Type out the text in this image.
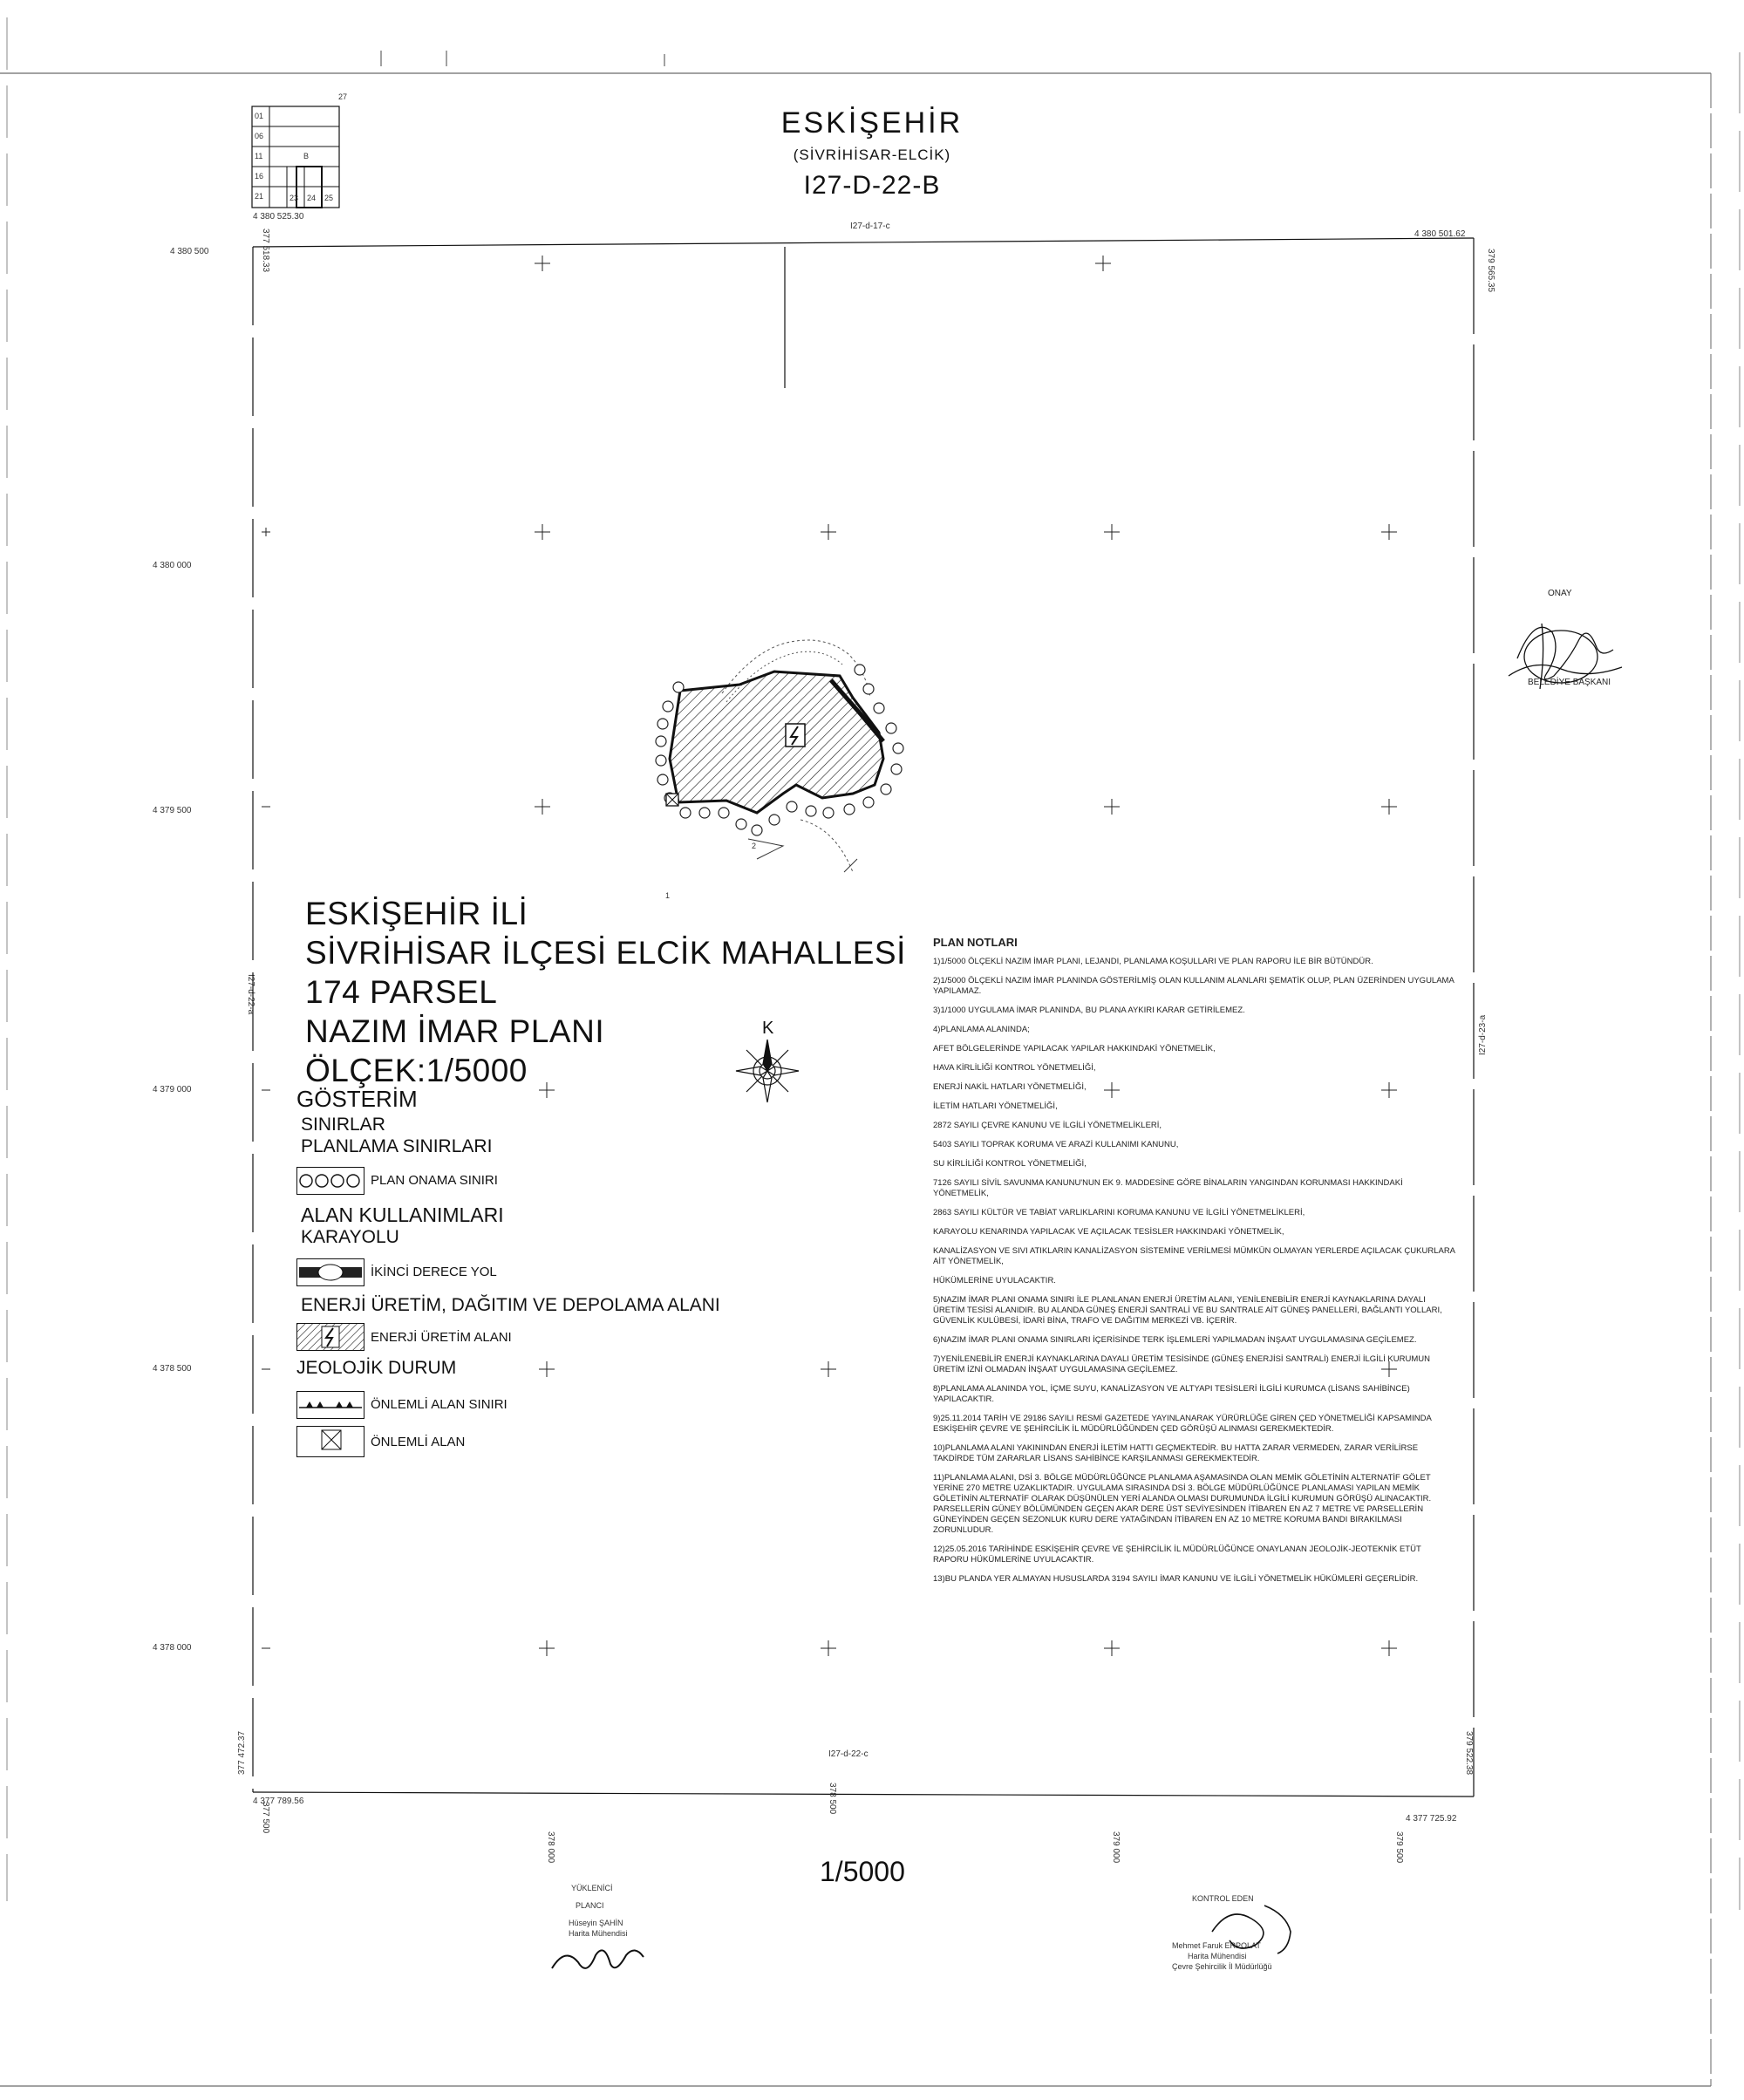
ESKİŞEHİR
(SİVRİHİSAR-ELCİK)
I27-D-22-B
I27-d-17-c
I27-d-22-c
I27-d-22-a
I27-d-23-a
01
06
11
16
21
B
23 24 25
27
4 380 525.30
4 380 501.62
4 377 789.56
4 377 725.92
4 380 500
4 380 000
4 379 500
4 379 000
4 378 500
4 378 000
377 500
378 000
378 500
379 000	379 500
377 518.33	379 565.35
377 472.37	379 522.38
2
1
ESKİŞEHİR İLİ
SİVRİHİSAR İLÇESİ ELCİK MAHALLESİ
174 PARSEL
NAZIM İMAR PLANI
ÖLÇEK:1/5000
K
GÖSTERİM
SINIRLAR
PLANLAMA SINIRLARI
PLAN ONAMA SINIRI
ALAN KULLANIMLARI
KARAYOLU
İKİNCİ DERECE YOL
ENERJİ ÜRETİM, DAĞITIM VE DEPOLAMA ALANI
ENERJİ ÜRETİM ALANI
JEOLOJİK DURUM
ÖNLEMLİ ALAN SINIRI
ÖNLEMLİ ALAN
PLAN NOTLARI

1)1/5000 ÖLÇEKLİ NAZIM İMAR PLANI, LEJANDI, PLANLAMA KOŞULLARI VE PLAN RAPORU İLE BİR BÜTÜNDÜR.

2)1/5000 ÖLÇEKLİ NAZIM İMAR PLANINDA GÖSTERİLMİŞ OLAN KULLANIM ALANLARI ŞEMATİK OLUP, PLAN ÜZERİNDEN UYGULAMA YAPILAMAZ.

3)1/1000 UYGULAMA İMAR PLANINDA, BU PLANA AYKIRI KARAR GETİRİLEMEZ.

4)PLANLAMA ALANINDA;

AFET BÖLGELERİNDE YAPILACAK YAPILAR HAKKINDAKİ YÖNETMELİK,

HAVA KİRLİLİĞİ KONTROL YÖNETMELİĞİ,

ENERJİ NAKİL HATLARI YÖNETMELİĞİ,

İLETİM HATLARI YÖNETMELİĞİ,

2872 SAYILI ÇEVRE KANUNU VE İLGİLİ YÖNETMELİKLERİ,

5403 SAYILI TOPRAK KORUMA VE ARAZİ KULLANIMI KANUNU,

SU KİRLİLİĞİ KONTROL YÖNETMELİĞİ,

7126 SAYILI SİVİL SAVUNMA KANUNU'NUN EK 9. MADDESİNE GÖRE BİNALARIN YANGINDAN KORUNMASI HAKKINDAKİ YÖNETMELİK,

2863 SAYILI KÜLTÜR VE TABİAT VARLIKLARINI KORUMA KANUNU VE İLGİLİ YÖNETMELİKLERİ,

KARAYOLU KENARINDA YAPILACAK VE AÇILACAK TESİSLER HAKKINDAKİ YÖNETMELİK,

KANALİZASYON VE SIVI ATIKLARIN KANALİZASYON SİSTEMİNE VERİLMESİ MÜMKÜN OLMAYAN YERLERDE AÇILACAK ÇUKURLARA AİT YÖNETMELİK,

HÜKÜMLERİNE UYULACAKTIR.

5)NAZIM İMAR PLANI ONAMA SINIRI İLE PLANLANAN ENERJİ ÜRETİM ALANI, YENİLENEBİLİR ENERJİ KAYNAKLARINA DAYALI ÜRETİM TESİSİ ALANIDIR. BU ALANDA GÜNEŞ ENERJİ SANTRALİ VE BU SANTRALE AİT GÜNEŞ PANELLERİ, BAĞLANTI YOLLARI, GÜVENLİK KULÜBESİ, İDARİ BİNA, TRAFO VE DAĞITIM MERKEZİ VB. İÇERİR.

6)NAZIM İMAR PLANI ONAMA SINIRLARI İÇERİSİNDE TERK İŞLEMLERİ YAPILMADAN İNŞAAT UYGULAMASINA GEÇİLEMEZ.

7)YENİLENEBİLİR ENERJİ KAYNAKLARINA DAYALI ÜRETİM TESİSİNDE (GÜNEŞ ENERJİSİ SANTRALİ) ENERJİ İLGİLİ KURUMUN ÜRETİM İZNİ OLMADAN İNŞAAT UYGULAMASINA GEÇİLEMEZ.

8)PLANLAMA ALANINDA YOL, İÇME SUYU, KANALİZASYON VE ALTYAPI TESİSLERİ İLGİLİ KURUMCA (LİSANS SAHİBİNCE) YAPILACAKTIR.

9)25.11.2014 TARİH VE 29186 SAYILI RESMİ GAZETEDE YAYINLANARAK YÜRÜRLÜĞE GİREN ÇED YÖNETMELİĞİ KAPSAMINDA ESKİŞEHİR ÇEVRE VE ŞEHİRCİLİK İL MÜDÜRLÜĞÜNDEN ÇED GÖRÜŞÜ ALINMASI GEREKMEKTEDİR.

10)PLANLAMA ALANI YAKININDAN ENERJİ İLETİM HATTI GEÇMEKTEDİR. BU HATTA ZARAR VERMEDEN, ZARAR VERİLİRSE TAKDİRDE TÜM ZARARLAR LİSANS SAHİBİNCE KARŞILANMASI GEREKMEKTEDİR.

11)PLANLAMA ALANI, DSİ 3. BÖLGE MÜDÜRLÜĞÜNCE PLANLAMA AŞAMASINDA OLAN MEMİK GÖLETİNİN ALTERNATİF GÖLET YERİNE 270 METRE UZAKLIKTADIR. UYGULAMA SIRASINDA DSİ 3. BÖLGE MÜDÜRLÜĞÜNCE PLANLAMASI YAPILAN MEMİK GÖLETİNİN ALTERNATİF OLARAK DÜŞÜNÜLEN YERİ ALANDA OLMASI DURUMUNDA İLGİLİ KURUMUN GÖRÜŞÜ ALINACAKTIR. PARSELLERİN GÜNEY BÖLÜMÜNDEN GEÇEN AKAR DERE ÜST SEVİYESİNDEN İTİBAREN EN AZ 7 METRE VE PARSELLERİN GÜNEYİNDEN GEÇEN SEZONLUK KURU DERE YATAĞINDAN İTİBAREN EN AZ 10 METRE KORUMA BANDI BIRAKILMASI ZORUNLUDUR.

12)25.05.2016 TARİHİNDE ESKİŞEHİR ÇEVRE VE ŞEHİRCİLİK İL MÜDÜRLÜĞÜNCE ONAYLANAN JEOLOJİK-JEOTEKNİK ETÜT RAPORU HÜKÜMLERİNE UYULACAKTIR.

13)BU PLANDA YER ALMAYAN HUSUSLARDA 3194 SAYILI İMAR KANUNU VE İLGİLİ YÖNETMELİK HÜKÜMLERİ GEÇERLİDİR.

ONAY
BELEDİYE BAŞKANI
1/5000
YÜKLENİCİ
PLANCI
Hüseyin ŞAHİN
Harita Mühendisi
KONTROL EDEN
Mehmet Faruk ERPOLAT
Harita Mühendisi
Çevre Şehircilik İl Müdürlüğü
